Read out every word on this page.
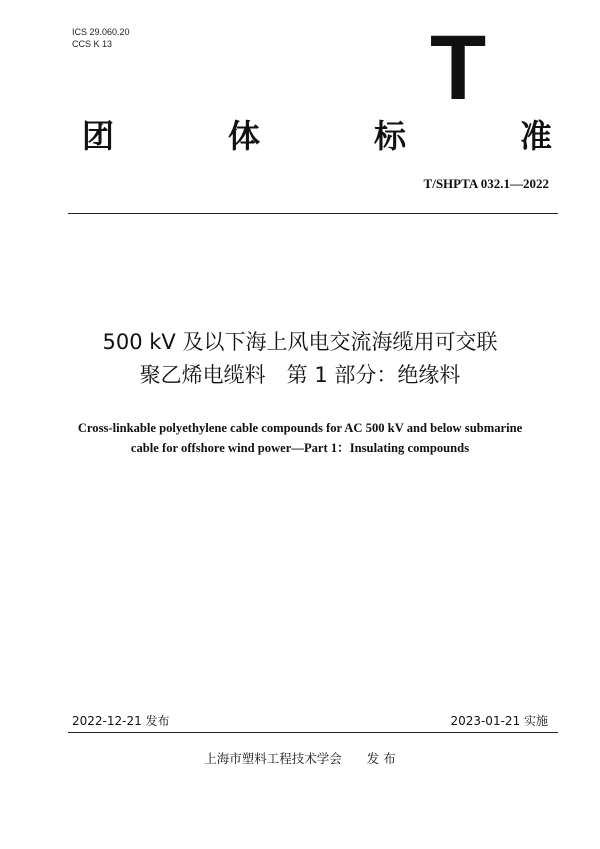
ICS 29.060.20
CCS K 13	T
团	体	标	准
T/SHPTA 032.1—2022
500 kV 及以下海上风电交流海缆用可交联
聚乙烯电缆料　第 1 部分：绝缘料
Cross-linkable polyethylene cable compounds for AC 500 kV and below submarine
cable for offshore wind power—Part 1：Insulating compounds
2022-12-21 发布	2023-01-21 实施
上海市塑料工程技术学会　　发 布
